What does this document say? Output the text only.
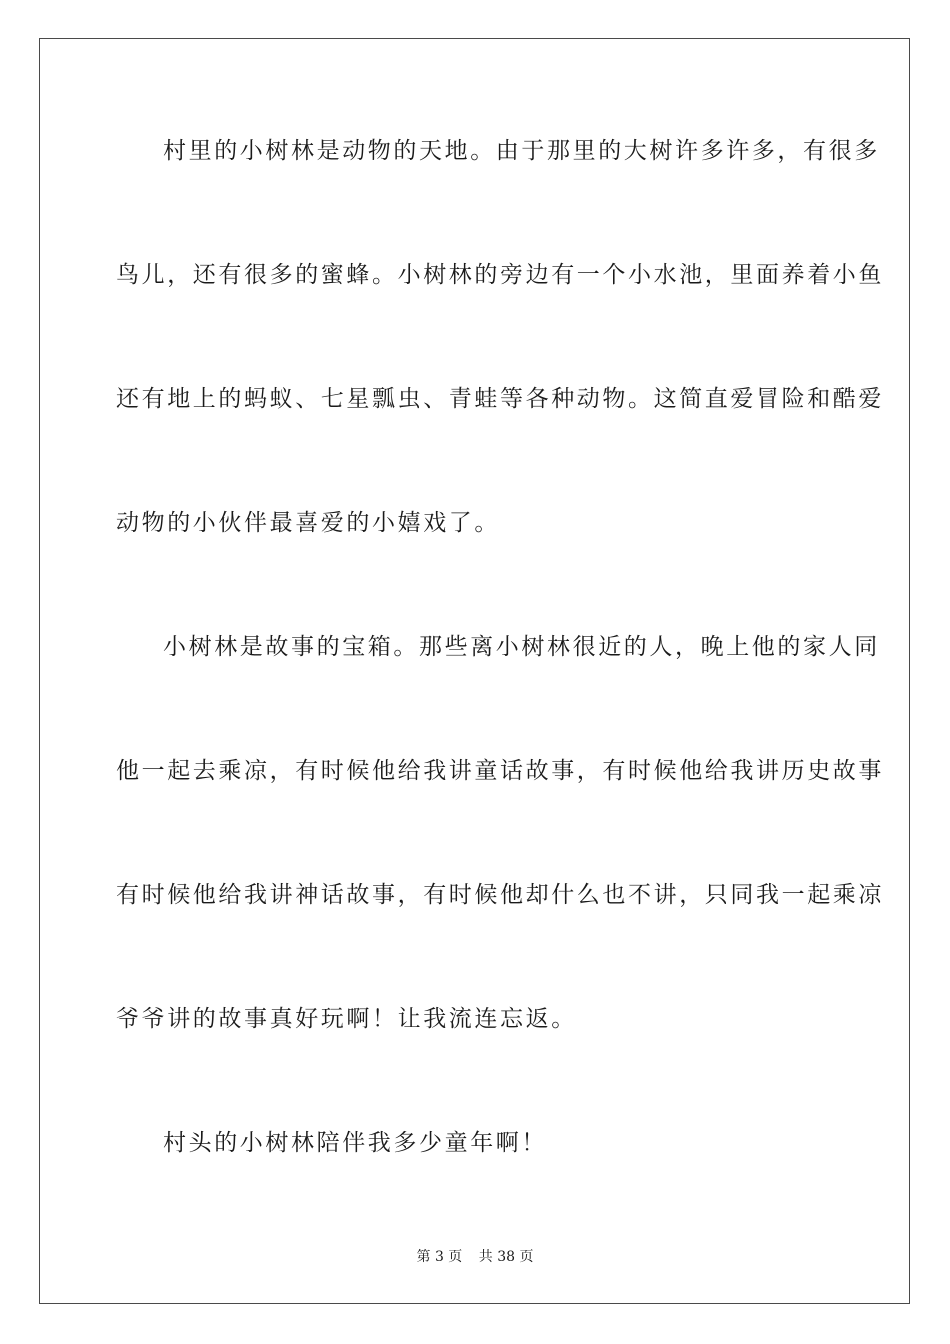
村里的小树林是动物的天地。由于那里的大树许多许多，有很多
鸟儿，还有很多的蜜蜂。小树林的旁边有一个小水池，里面养着小鱼
还有地上的蚂蚁、七星瓢虫、青蛙等各种动物。这简直爱冒险和酷爱
动物的小伙伴最喜爱的小嬉戏了。
小树林是故事的宝箱。那些离小树林很近的人，晚上他的家人同
他一起去乘凉，有时候他给我讲童话故事，有时候他给我讲历史故事
有时候他给我讲神话故事，有时候他却什么也不讲，只同我一起乘凉
爷爷讲的故事真好玩啊！让我流连忘返。
村头的小树林陪伴我多少童年啊！
第 3 页 共 38 页
